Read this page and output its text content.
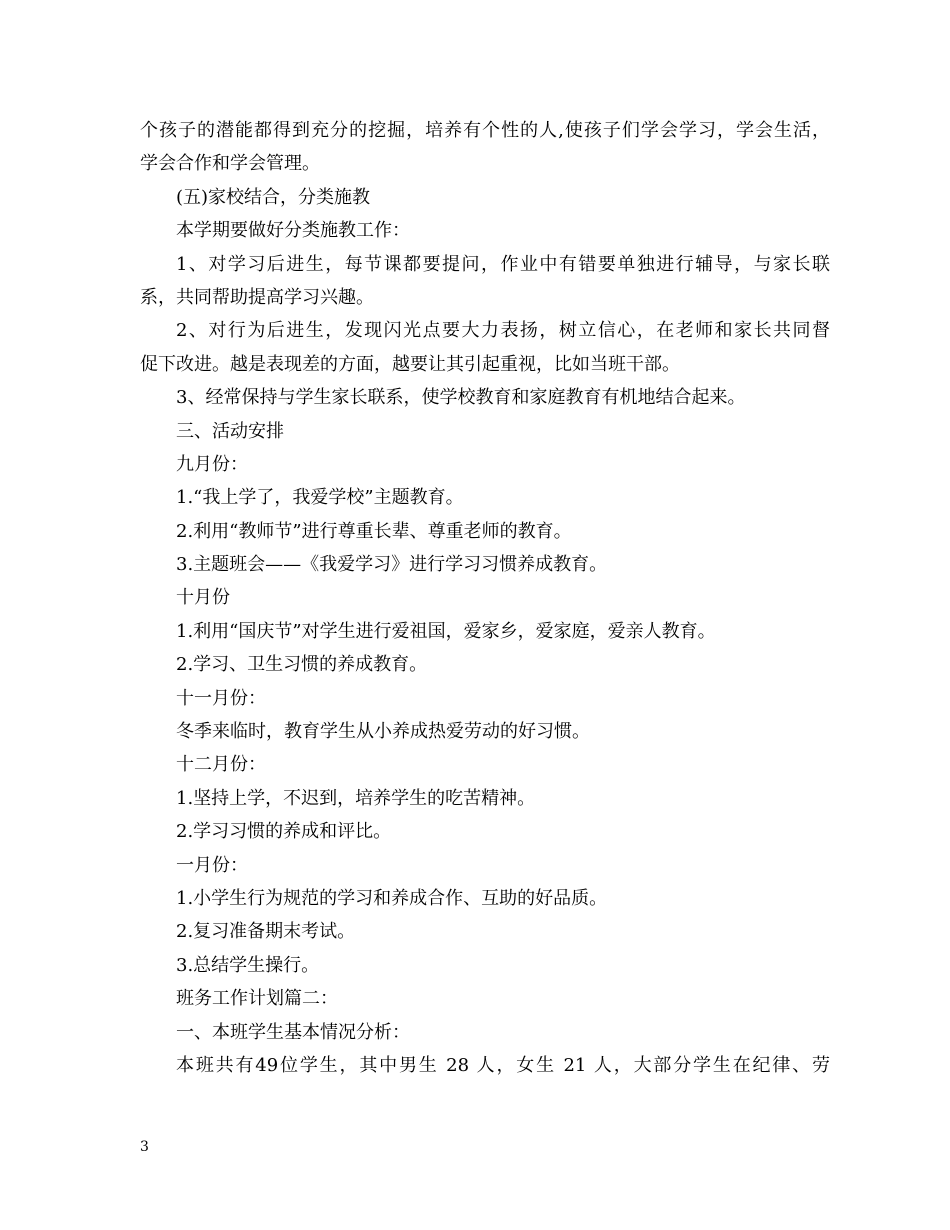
个孩子的潜能都得到充分的挖掘，培养有个性的人,使孩子们学会学习，学会生活，
学会合作和学会管理。
(五)家校结合，分类施教
本学期要做好分类施教工作：
1、对学习后进生，每节课都要提问，作业中有错要单独进行辅导，与家长联
系，共同帮助提高学习兴趣。
2、对行为后进生，发现闪光点要大力表扬，树立信心，在老师和家长共同督
促下改进。越是表现差的方面，越要让其引起重视，比如当班干部。
3、经常保持与学生家长联系，使学校教育和家庭教育有机地结合起来。
三、活动安排
九月份：
1.“我上学了，我爱学校”主题教育。
2.利用“教师节”进行尊重长辈、尊重老师的教育。
3.主题班会——《我爱学习》进行学习习惯养成教育。
十月份
1.利用“国庆节”对学生进行爱祖国，爱家乡，爱家庭，爱亲人教育。
2.学习、卫生习惯的养成教育。
十一月份：
冬季来临时，教育学生从小养成热爱劳动的好习惯。
十二月份：
1.坚持上学，不迟到，培养学生的吃苦精神。
2.学习习惯的养成和评比。
一月份：
1.小学生行为规范的学习和养成合作、互助的好品质。
2.复习准备期末考试。
3.总结学生操行。
班务工作计划篇二：
一、本班学生基本情况分析：
本班共有49位学生，其中男生 28 人，女生 21 人，大部分学生在纪律、劳
3
